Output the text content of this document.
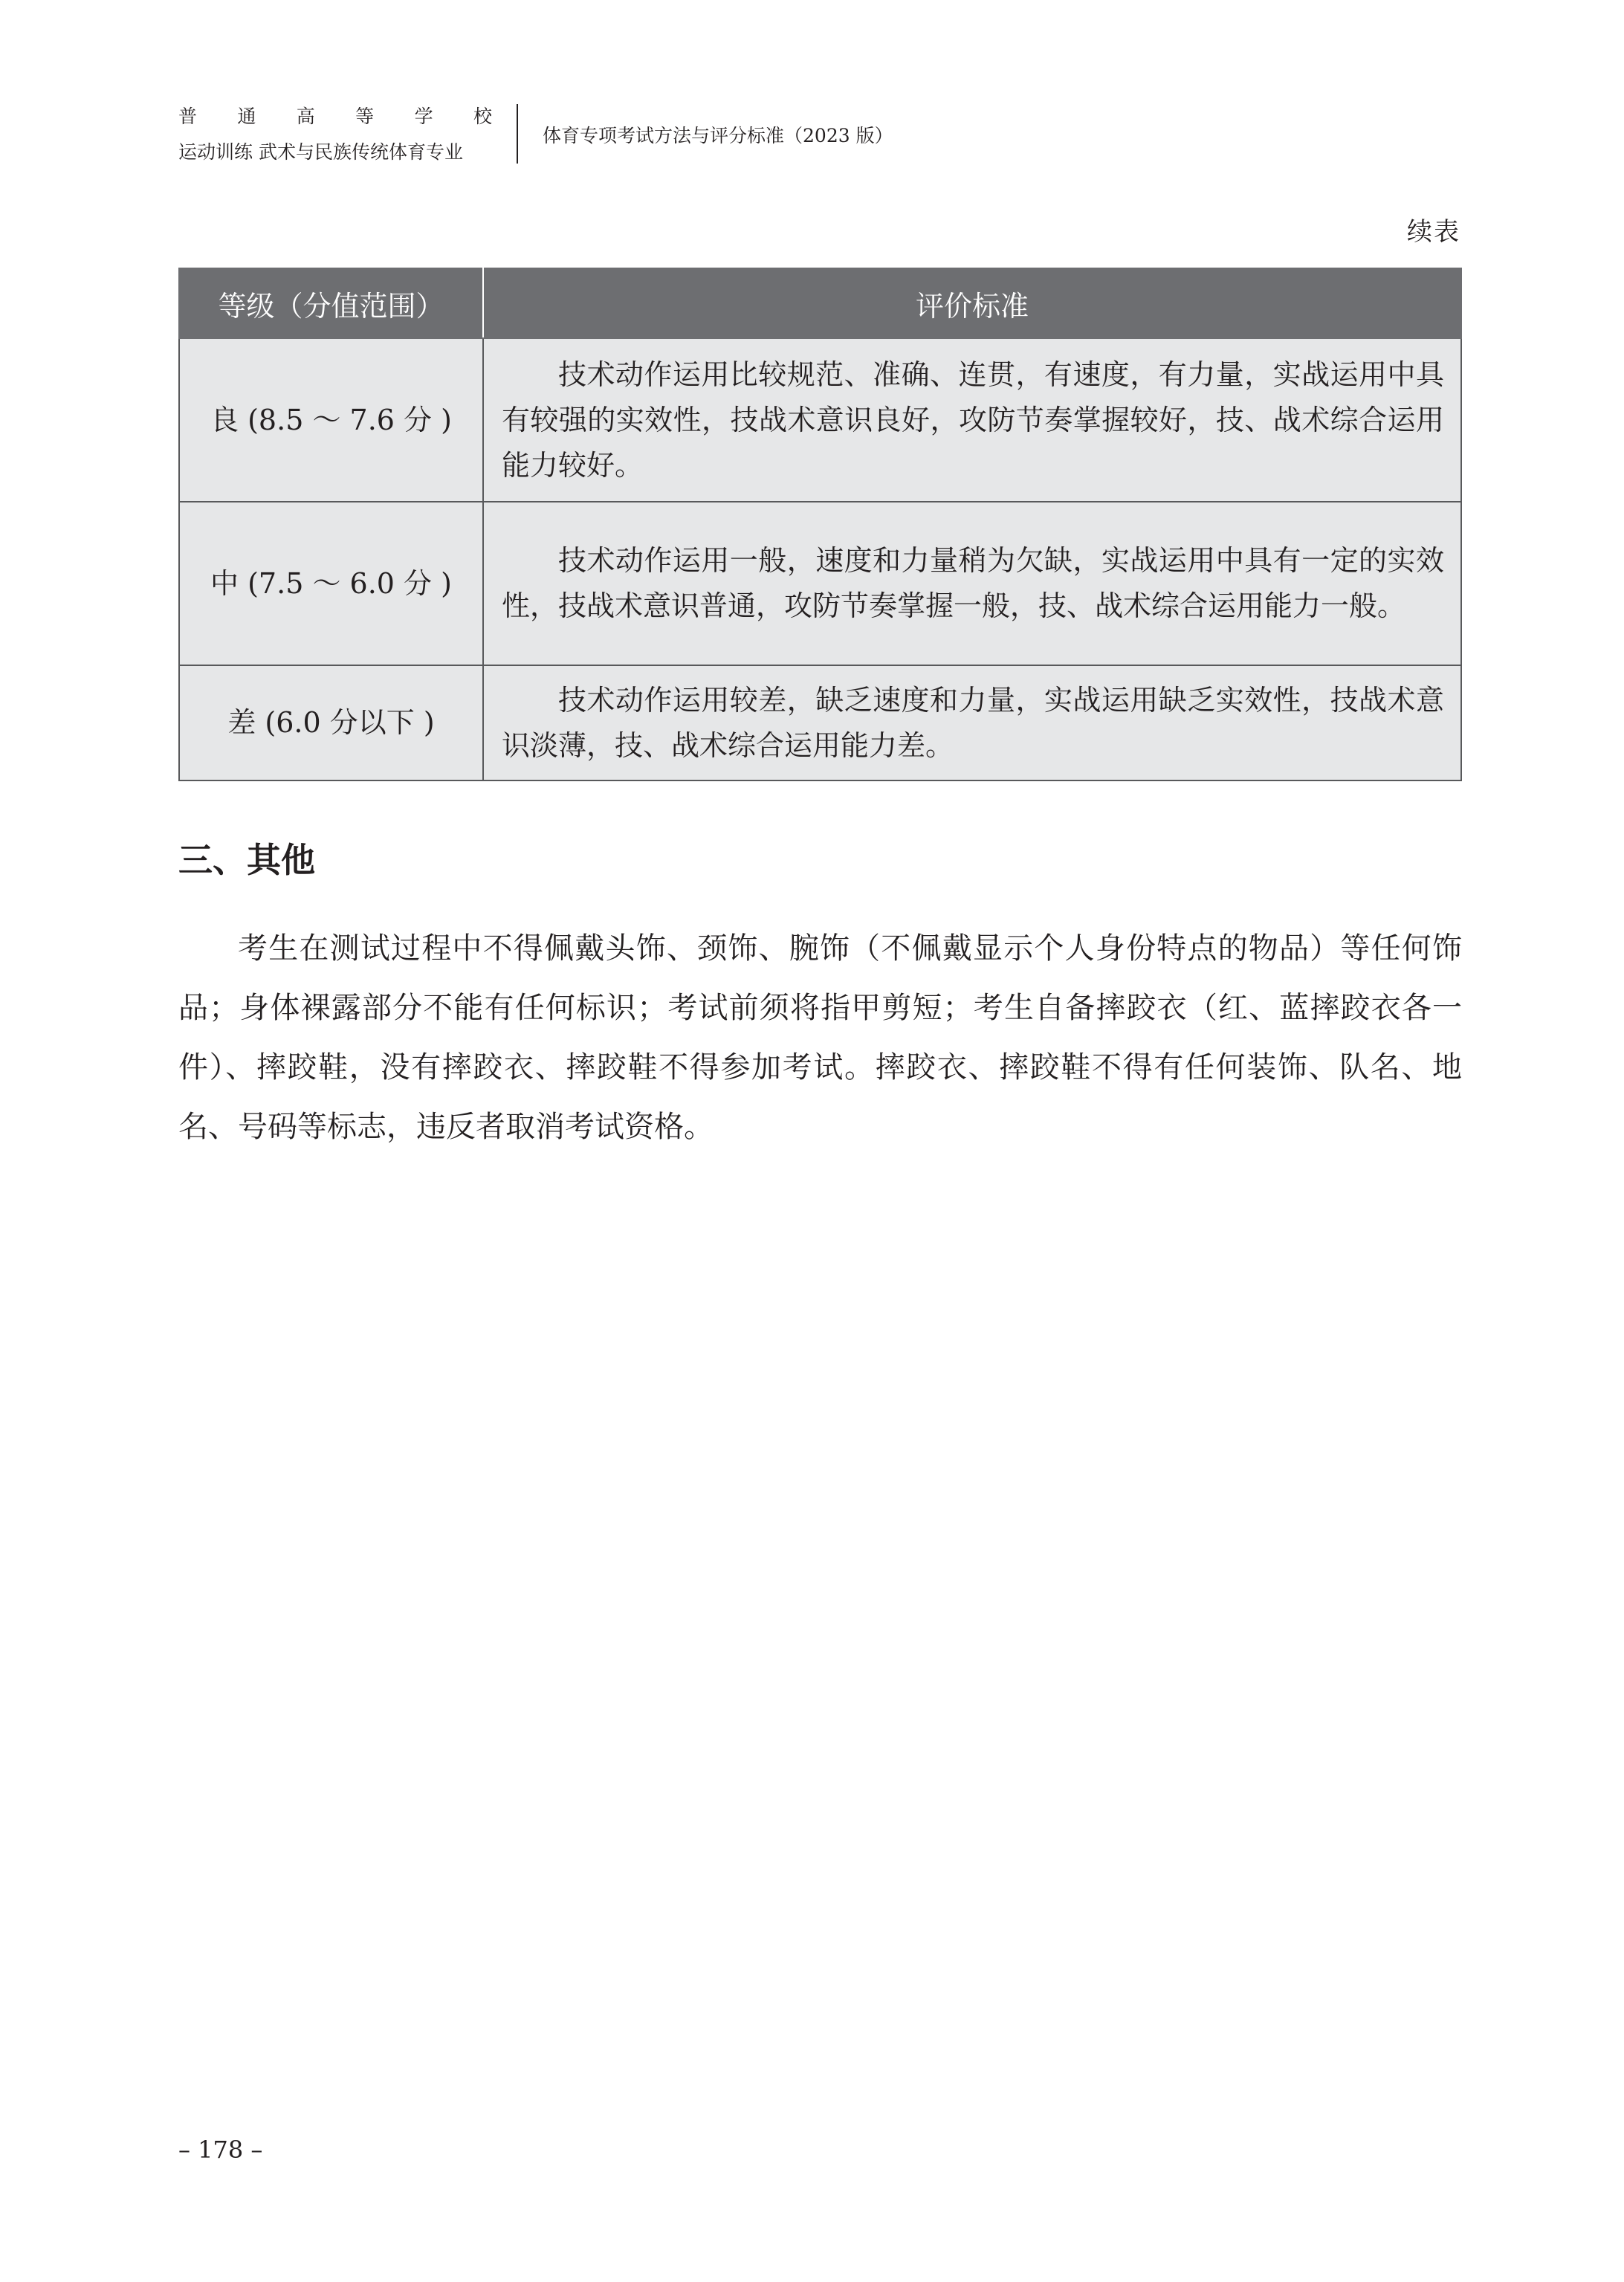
普 通 高 等 学 校
运动训练 武术与民族传统体育专业
体育专项考试方法与评分标准（2023 版）
续表
等级（分值范围）	评价标准
良 (8.5 ～ 7.6 分 )	技术动作运用比较规范、准确、连贯，有速度，有力量，实战运用中具有较强的实效性，技战术意识良好，攻防节奏掌握较好，技、战术综合运用能力较好。
中 (7.5 ～ 6.0 分 )	技术动作运用一般，速度和力量稍为欠缺，实战运用中具有一定的实效性，技战术意识普通，攻防节奏掌握一般，技、战术综合运用能力一般。
差 (6.0 分以下 )	技术动作运用较差，缺乏速度和力量，实战运用缺乏实效性，技战术意识淡薄，技、战术综合运用能力差。
三、其他

考生在测试过程中不得佩戴头饰、颈饰、腕饰（不佩戴显示个人身份特点的物品）等任何饰品；身体裸露部分不能有任何标识；考试前须将指甲剪短；考生自备摔跤衣（红、蓝摔跤衣各一件）、摔跤鞋，没有摔跤衣、摔跤鞋不得参加考试。摔跤衣、摔跤鞋不得有任何装饰、队名、地名、号码等标志，违反者取消考试资格。

– 178 –
